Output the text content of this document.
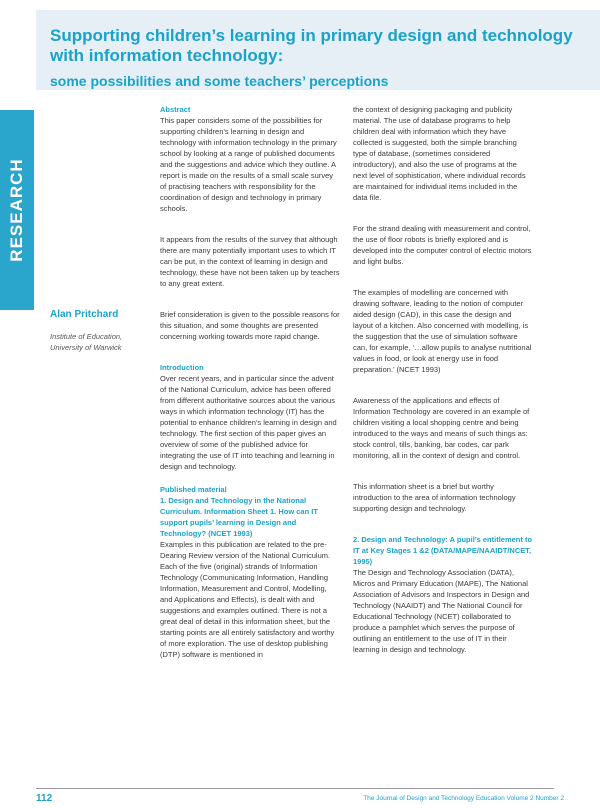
Supporting children’s learning in primary design and technology with information technology:
some possibilities and some teachers’ perceptions
RESEARCH
Alan Pritchard
Institute of Education,
University of Warwick

Abstract

This paper considers some of the possibilities for supporting children’s learning in design and technology with information technology in the primary school by looking at a range of published documents and the suggestions and advice which they outline. A report is made on the results of a small scale survey of practising teachers with responsibility for the coordination of design and technology in primary schools.

It appears from the results of the survey that although there are many potentially important uses to which IT can be put, in the context of learning in design and technology, these have not been taken up by teachers to any great extent.

Brief consideration is given to the possible reasons for this situation, and some thoughts are presented concerning working towards more rapid change.

Introduction

Over recent years, and in particular since the advent of the National Curriculum, advice has been offered from different authoritative sources about the various ways in which information technology (IT) has the potential to enhance children’s learning in design and technology. The first section of this paper gives an overview of some of the published advice for integrating the use of IT into teaching and learning in design and technology.

Published material

1. Design and Technology in the National Curriculum. Information Sheet 1. How can IT support pupils’ learning in Design and Technology? (NCET 1993)

Examples in this publication are related to the pre-Dearing Review version of the National Curriculum. Each of the five (original) strands of Information Technology (Communicating Information, Handling Information, Measurement and Control, Modelling, and Applications and Effects), is dealt with and suggestions and examples outlined. There is not a great deal of detail in this information sheet, but the starting points are all entirely satisfactory and worthy of more exploration. The use of desktop publishing (DTP) software is mentioned in

the context of designing packaging and publicity material. The use of database programs to help children deal with information which they have collected is suggested, both the simple branching type of database, (sometimes considered introductory), and also the use of programs at the next level of sophistication, where individual records are maintained for individual items included in the data file.

For the strand dealing with measurement and control, the use of floor robots is briefly explored and is developed into the computer control of electric motors and light bulbs.

The examples of modelling are concerned with drawing software, leading to the notion of computer aided design (CAD), in this case the design and layout of a kitchen. Also concerned with modelling, is the suggestion that the use of simulation software can, for example, ‘…allow pupils to analyse nutritional values in food, or look at energy use in food preparation.’ (NCET 1993)

Awareness of the applications and effects of Information Technology are covered in an example of children visiting a local shopping centre and being introduced to the ways and means of such things as: stock control, tills, banking, bar codes, car park monitoring, all in the context of design and control.

This information sheet is a brief but worthy introduction to the area of information technology supporting design and technology.

2. Design and Technology: A pupil’s entitlement to IT at Key Stages 1 &2 (DATA/MAPE/NAAIDT/NCET, 1995)

The Design and Technology Association (DATA), Micros and Primary Education (MAPE), The National Association of Advisors and Inspectors in Design and Technology (NAAIDT) and The National Council for Educational Technology (NCET) collaborated to produce a pamphlet which serves the purpose of outlining an entitlement to the use of IT in their learning in design and technology.

112	The Journal of Design and Technology Education Volume 2 Number 2
